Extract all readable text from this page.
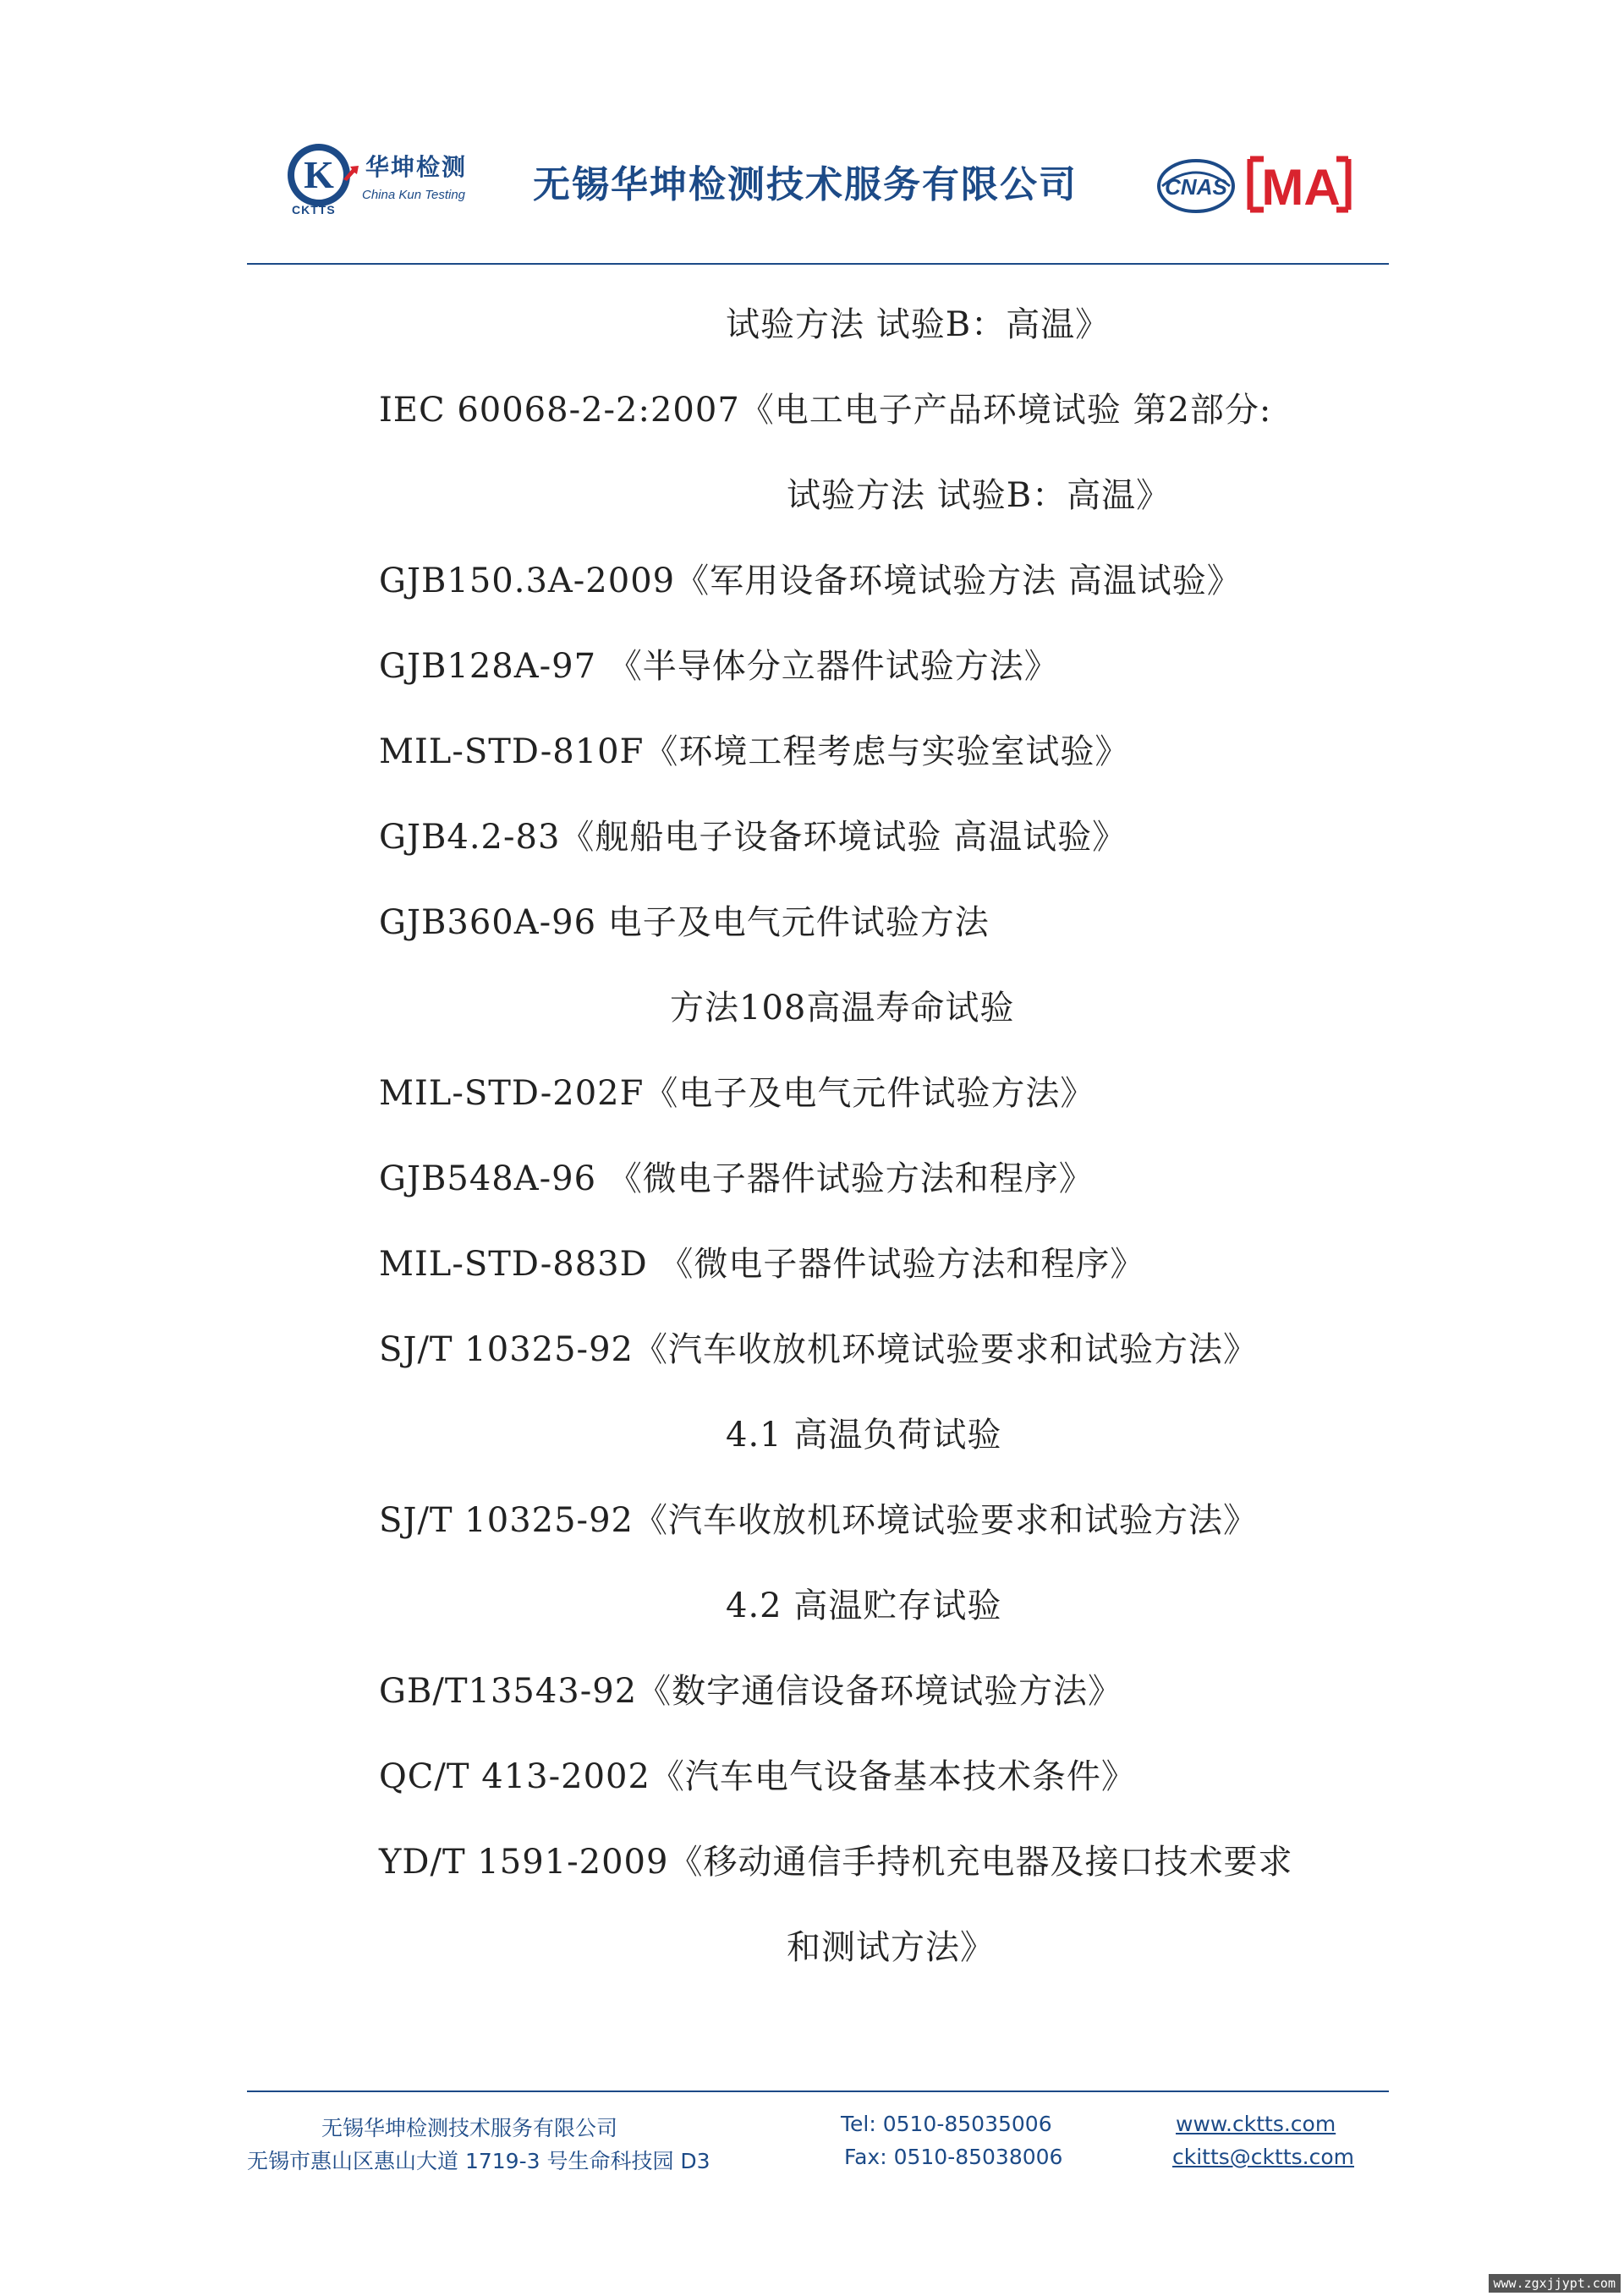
K
CKTTS
华坤检测
China Kun Testing 无锡华坤检测技术服务有限公司	CNAS MA
试验方法 试验B：高温》
IEC 60068-2-2:2007《电工电子产品环境试验 第2部分:
试验方法 试验B：高温》
GJB150.3A-2009《军用设备环境试验方法 高温试验》
GJB128A-97 《半导体分立器件试验方法》
MIL-STD-810F《环境工程考虑与实验室试验》
GJB4.2-83《舰船电子设备环境试验 高温试验》
GJB360A-96 电子及电气元件试验方法
方法108高温寿命试验
MIL-STD-202F《电子及电气元件试验方法》
GJB548A-96 《微电子器件试验方法和程序》
MIL-STD-883D 《微电子器件试验方法和程序》
SJ/T 10325-92《汽车收放机环境试验要求和试验方法》
4.1 高温负荷试验
SJ/T 10325-92《汽车收放机环境试验要求和试验方法》
4.2 高温贮存试验
GB/T13543-92《数字通信设备环境试验方法》
QC/T 413-2002《汽车电气设备基本技术条件》
YD/T 1591-2009《移动通信手持机充电器及接口技术要求
和测试方法》
无锡华坤检测技术服务有限公司
无锡市惠山区惠山大道 1719-3 号生命科技园 D3
Tel: 0510-85035006
Fax: 0510-85038006
www.cktts.com
ckitts@cktts.com
www.zgxjjypt.com
